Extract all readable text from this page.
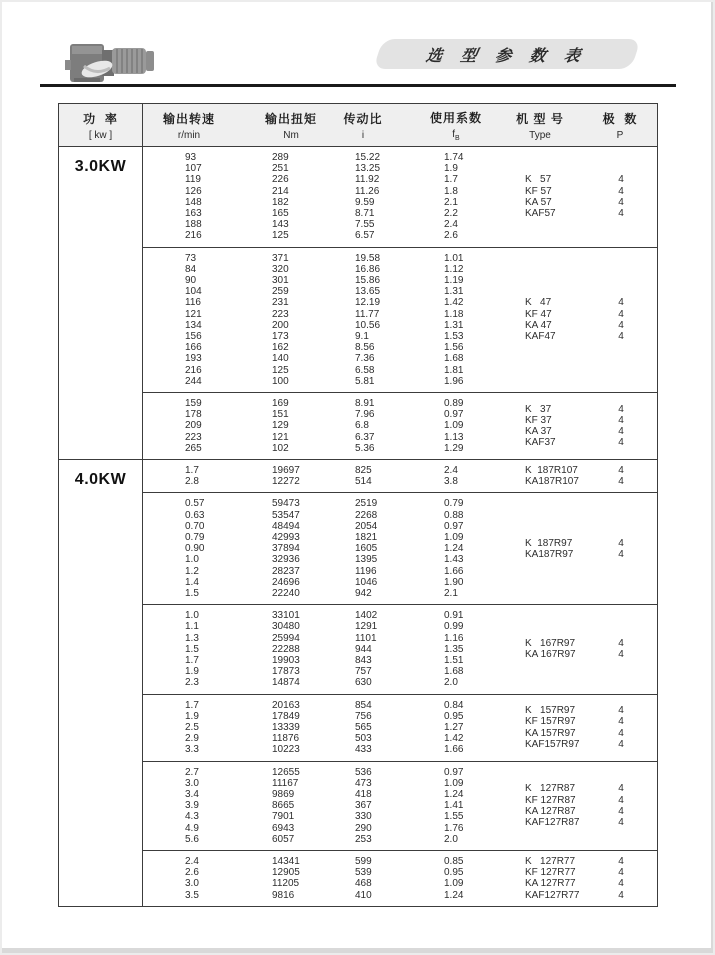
选 型 参 数 表
功  率
[ kw ]
输出转速
r/min
输出扭矩
Nm
传动比
i
使用系数
$f_B$
机 型 号
Type
极  数
P
3.0KW
93
107
119
126
148
163
188
216
289
251
226
214
182
165
143
125
15.22
13.25
11.92
11.26
9.59
8.71
7.55
6.57
1.74
1.9
1.7
1.8
2.1
2.2
2.4
2.6
K   57
KF 57
KA 57
KAF57
4
4
4
4
73
84
90
104
116
121
134
156
166
193
216
244
371
320
301
259
231
223
200
173
162
140
125
100
19.58
16.86
15.86
13.65
12.19
11.77
10.56
9.1
8.56
7.36
6.58
5.81
1.01
1.12
1.19
1.31
1.42
1.18
1.31
1.53
1.56
1.68
1.81
1.96
K   47
KF 47
KA 47
KAF47
4
4
4
4
159
178
209
223
265
169
151
129
121
102
8.91
7.96
6.8
6.37
5.36
0.89
0.97
1.09
1.13
1.29
K   37
KF 37
KA 37
KAF37
4
4
4
4
4.0KW
1.7
2.8
19697
12272
825
514
2.4
3.8
K  187R107
KA187R107
4
4
0.57
0.63
0.70
0.79
0.90
1.0
1.2
1.4
1.5
59473
53547
48494
42993
37894
32936
28237
24696
22240
2519
2268
2054
1821
1605
1395
1196
1046
942
0.79
0.88
0.97
1.09
1.24
1.43
1.66
1.90
2.1
K  187R97
KA187R97
4
4
1.0
1.1
1.3
1.5
1.7
1.9
2.3
33101
30480
25994
22288
19903
17873
14874
1402
1291
1101
944
843
757
630
0.91
0.99
1.16
1.35
1.51
1.68
2.0
K   167R97
KA 167R97
4
4
1.7
1.9
2.5
2.9
3.3
20163
17849
13339
11876
10223
854
756
565
503
433
0.84
0.95
1.27
1.42
1.66
K   157R97
KF 157R97
KA 157R97
KAF157R97
4
4
4
4
2.7
3.0
3.4
3.9
4.3
4.9
5.6
12655
11167
9869
8665
7901
6943
6057
536
473
418
367
330
290
253
0.97
1.09
1.24
1.41
1.55
1.76
2.0
K   127R87
KF 127R87
KA 127R87
KAF127R87
4
4
4
4
2.4
2.6
3.0
3.5
14341
12905
11205
9816
599
539
468
410
0.85
0.95
1.09
1.24
K   127R77
KF 127R77
KA 127R77
KAF127R77
4
4
4
4
